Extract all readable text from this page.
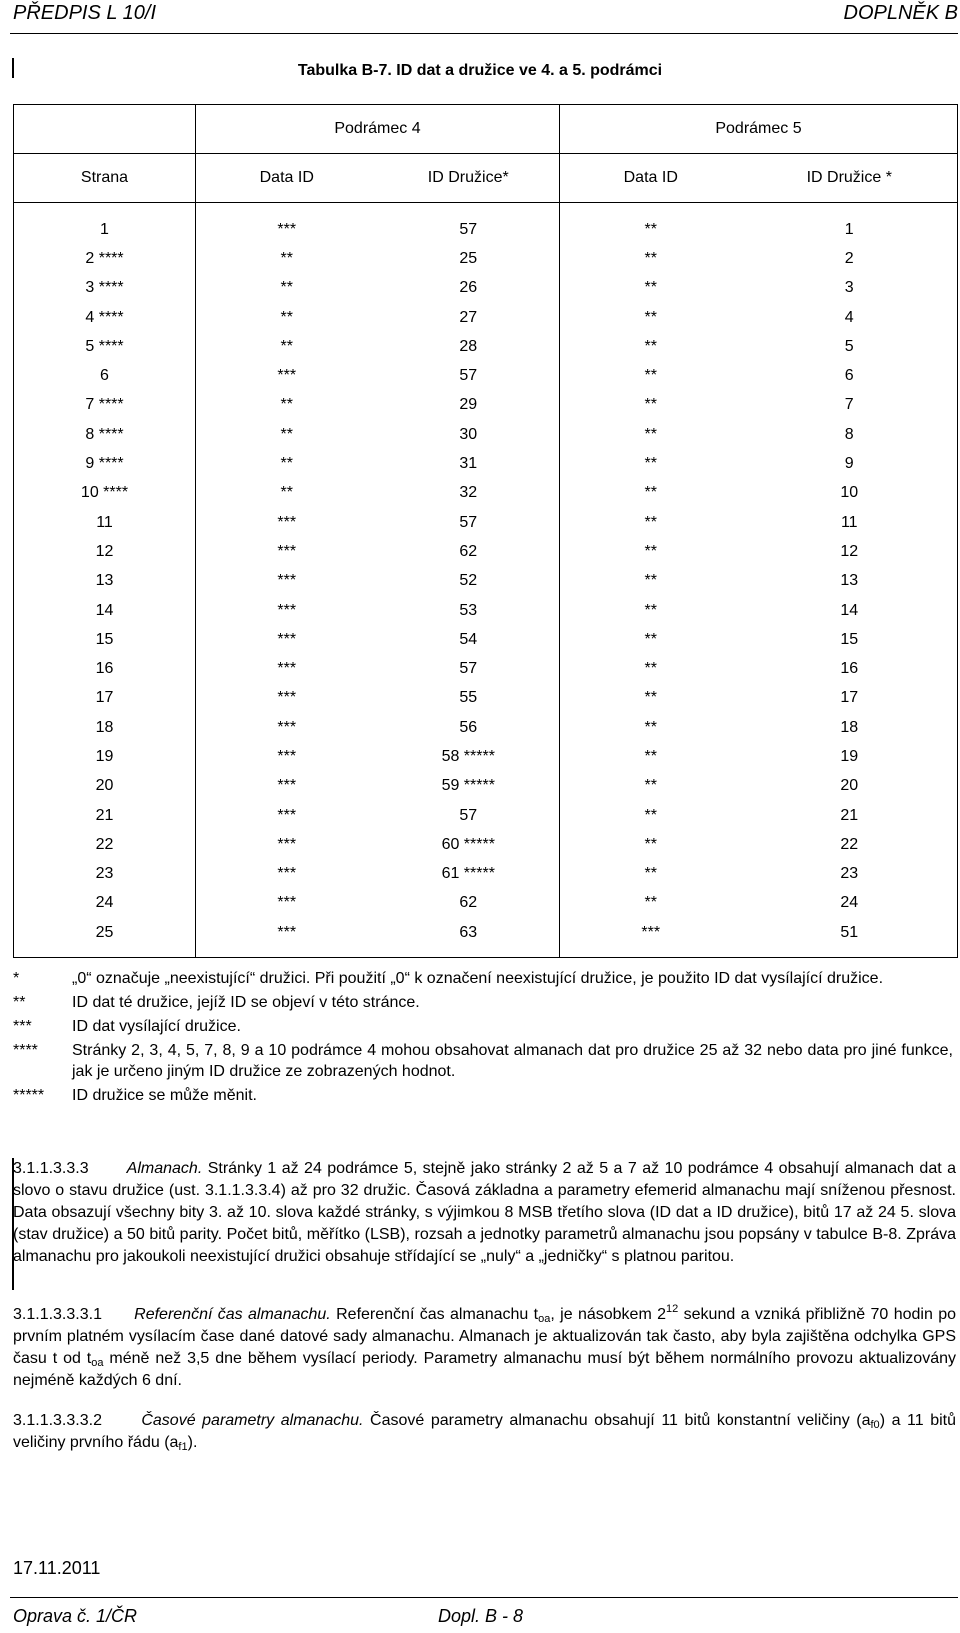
PŘEDPIS L 10/I	DOPLNĚK B
Tabulka B-7. ID dat a družice ve 4. a 5. podrámci
	Podrámec 4		Podrámec 5	
Strana	Data ID	ID Družice*	Data ID	ID Družice *

1	***	57	**	1
2 ****	**	25	**	2
3 ****	**	26	**	3
4 ****	**	27	**	4
5 ****	**	28	**	5
6	***	57	**	6
7 ****	**	29	**	7
8 ****	**	30	**	8
9 ****	**	31	**	9
10 ****	**	32	**	10
11	***	57	**	11
12	***	62	**	12
13	***	52	**	13
14	***	53	**	14
15	***	54	**	15
16	***	57	**	16
17	***	55	**	17
18	***	56	**	18
19	***	58 *****	**	19
20	***	59 *****	**	20
21	***	57	**	21
22	***	60 *****	**	22
23	***	61 *****	**	23
24	***	62	**	24
25	***	63	***	51

*	„0“ označuje „neexistující“ družici. Při použití „0“ k označení neexistující družice, je použito ID dat vysílající družice.
**	ID dat té družice, jejíž ID se objeví v této stránce.
***	ID dat vysílající družice.
****	Stránky 2, 3, 4, 5, 7, 8, 9 a 10 podrámce 4 mohou obsahovat almanach dat pro družice 25 až 32 nebo data pro jiné funkce, jak je určeno jiným ID družice ze zobrazených hodnot.
*****	ID družice se může měnit.
3.1.1.3.3.3 Almanach. Stránky 1 až 24 podrámce 5, stejně jako stránky 2 až 5 a 7 až 10 podrámce 4 obsahují almanach dat a slovo o stavu družice (ust. 3.1.1.3.3.4) až pro 32 družic. Časová základna a parametry efemerid almanachu mají sníženou přesnost. Data obsazují všechny bity 3. až 10. slova každé stránky, s výjimkou 8 MSB třetího slova (ID dat a ID družice), bitů 17 až 24 5. slova (stav družice) a 50 bitů parity. Počet bitů, měřítko (LSB), rozsah a jednotky parametrů almanachu jsou popsány v tabulce B-8. Zpráva almanachu pro jakoukoli neexistující družici obsahuje střídající se „nuly“ a „jedničky“ s platnou paritou.
3.1.1.3.3.3.1 Referenční čas almanachu. Referenční čas almanachu $t_{oa}$, je násobkem $2^{12}$ sekund a vzniká přibližně 70 hodin po prvním platném vysílacím čase dané datové sady almanachu. Almanach je aktualizován tak často, aby byla zajištěna odchylka GPS času t od $t_{oa}$ méně než 3,5 dne během vysílací periody. Parametry almanachu musí být během normálního provozu aktualizovány nejméně každých 6 dní.
3.1.1.3.3.3.2 Časové parametry almanachu. Časové parametry almanachu obsahují 11 bitů konstantní veličiny $(a_{f0})$ a 11 bitů veličiny prvního řádu $(a_{f1})$.
17.11.2011
Oprava č. 1/ČR	Dopl. B - 8
